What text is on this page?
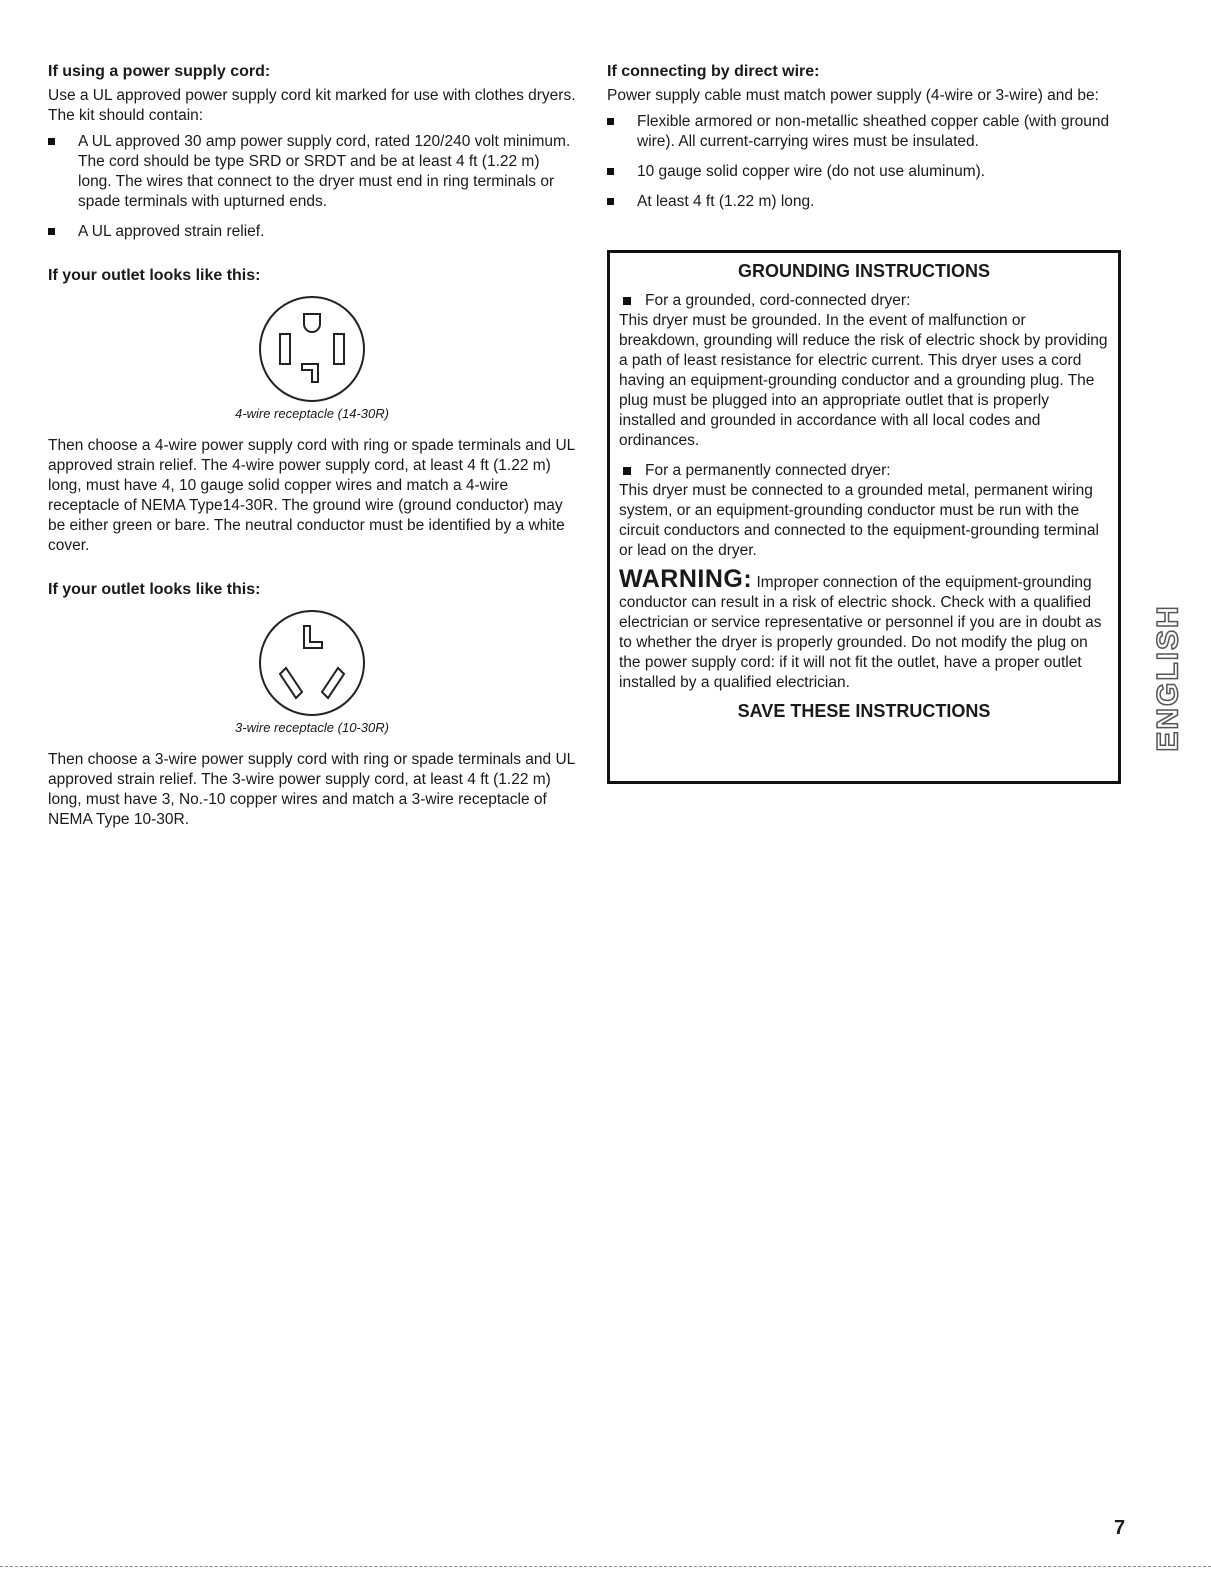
If using a power supply cord:

Use a UL approved power supply cord kit marked for use with clothes dryers. The kit should contain:

A UL approved 30 amp power supply cord, rated 120/240 volt minimum. The cord should be type SRD or SRDT and be at least 4 ft (1.22 m) long. The wires that connect to the dryer must end in ring terminals or spade terminals with upturned ends.
A UL approved strain relief.
If your outlet looks like this:
4-wire receptacle (14-30R)

Then choose a 4-wire power supply cord with ring or spade terminals and UL approved strain relief. The 4-wire power supply cord, at least 4 ft (1.22 m) long, must have 4, 10 gauge solid copper wires and match a 4-wire receptacle of NEMA Type14-30R. The ground wire (ground conductor) may be either green or bare. The neutral conductor must be identified by a white cover.

If your outlet looks like this:
3-wire receptacle (10-30R)

Then choose a 3-wire power supply cord with ring or spade terminals and UL approved strain relief. The 3-wire power supply cord, at least 4 ft (1.22 m) long, must have 3, No.-10 copper wires and match a 3-wire receptacle of NEMA Type 10-30R.

If connecting by direct wire:

Power supply cable must match power supply (4-wire or 3-wire) and be:

Flexible armored or non-metallic sheathed copper cable (with ground wire). All current-carrying wires must be insulated.
10 gauge solid copper wire (do not use aluminum).
At least 4 ft (1.22 m) long.
GROUNDING INSTRUCTIONS
For a grounded, cord-connected dryer:
This dryer must be grounded. In the event of malfunction or breakdown, grounding will reduce the risk of electric shock by providing a path of least resistance for electric current. This dryer uses a cord having an equipment-grounding conductor and a grounding plug. The plug must be plugged into an appropriate outlet that is properly installed and grounded in accordance with all local codes and ordinances.
For a permanently connected dryer:
This dryer must be connected to a grounded metal, permanent wiring system, or an equipment-grounding conductor must be run with the circuit conductors and connected to the equipment-grounding terminal or lead on the dryer.
WARNING: Improper connection of the equipment-grounding conductor can result in a risk of electric shock. Check with a qualified electrician or service representative or personnel if you are in doubt as to whether the dryer is properly grounded. Do not modify the plug on the power supply cord: if it will not fit the outlet, have a proper outlet installed by a qualified electrician.
SAVE THESE INSTRUCTIONS	ENGLISH
7
